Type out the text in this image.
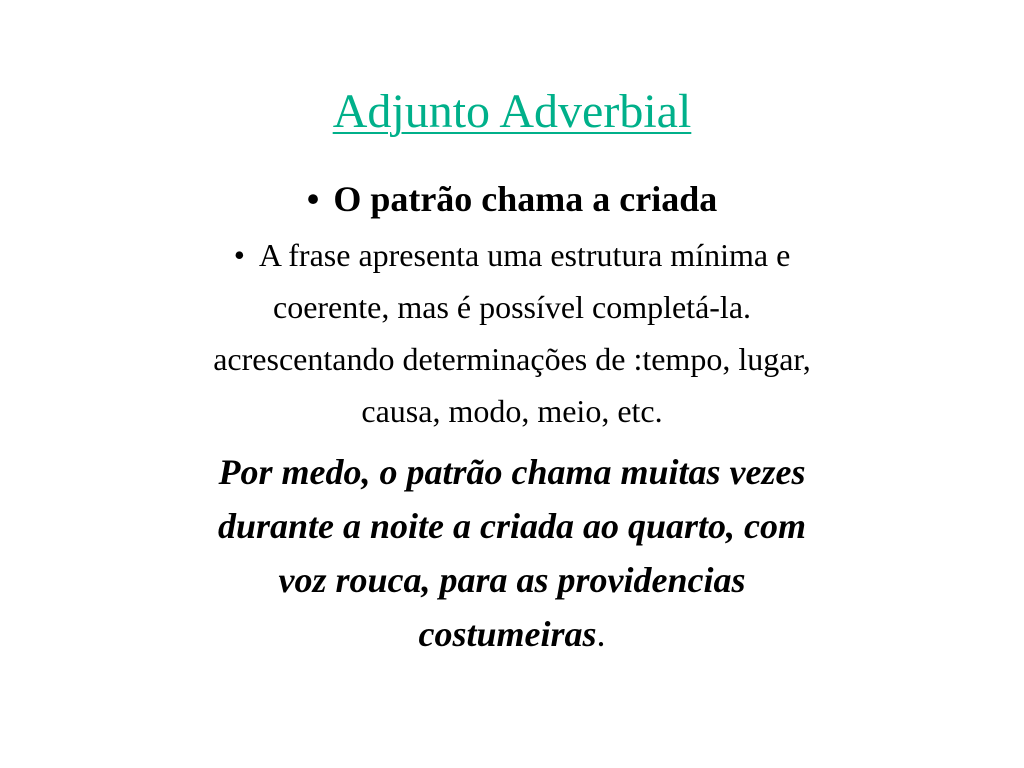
Adjunto Adverbial

• O patrão chama a criada

• A frase apresenta uma estrutura mínima e
coerente, mas é possível completá-la.
acrescentando determinações de :tempo, lugar,
causa, modo, meio, etc.
Por medo, o patrão chama muitas vezes
durante a noite a criada ao quarto, com
voz rouca, para as providencias
costumeiras.
